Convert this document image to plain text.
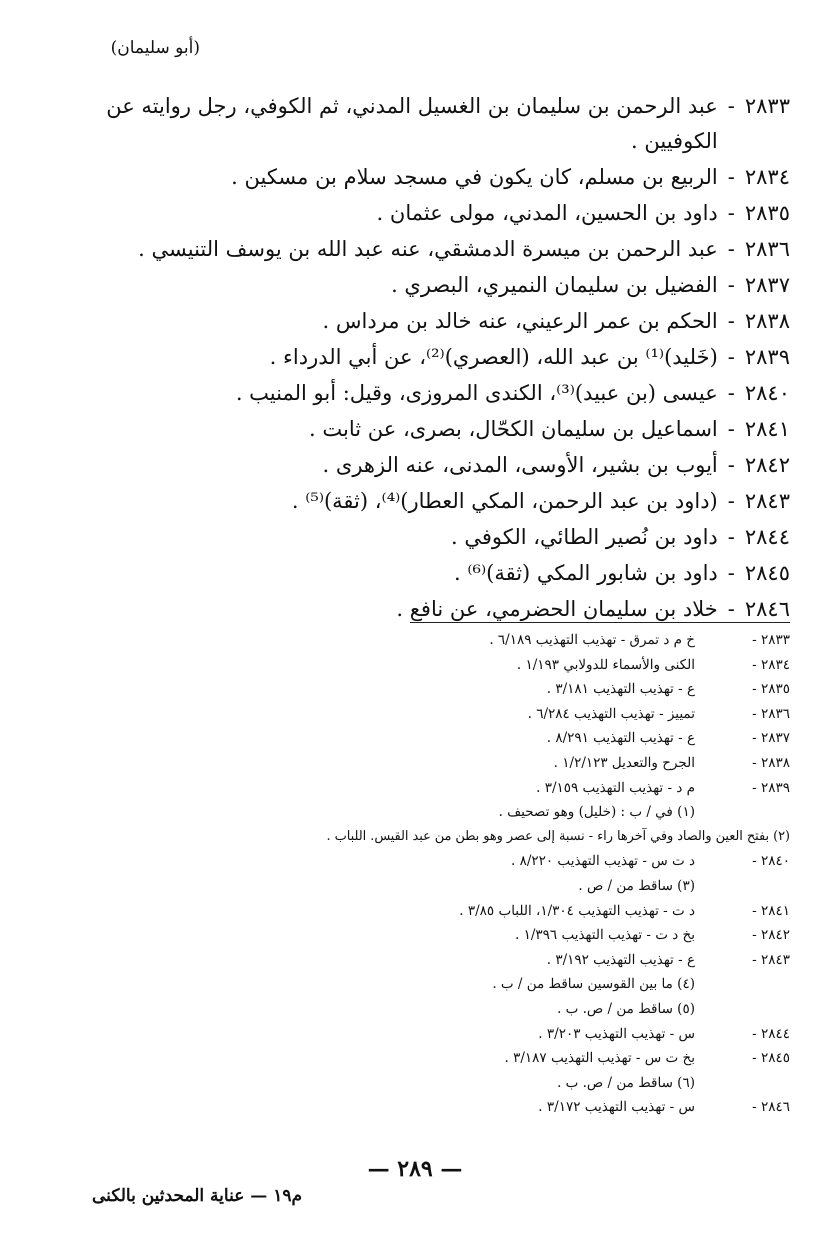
(أبو سليمان)
٢٨٣٣
-
عبد الرحمن بن سليمان بن الغسيل المدني، ثم الكوفي، رجل روايته عن الكوفيين .
٢٨٣٤
-
الربيع بن مسلم، كان يكون في مسجد سلام بن مسكين .
٢٨٣٥
-
داود بن الحسين، المدني، مولى عثمان .
٢٨٣٦
-
عبد الرحمن بن ميسرة الدمشقي، عنه عبد الله بن يوسف التنيسي .
٢٨٣٧
-
الفضيل بن سليمان النميري، البصري .
٢٨٣٨
-
الحكم بن عمر الرعيني، عنه خالد بن مرداس .
٢٨٣٩
-
(خَليد)⁽¹⁾ بن عبد الله، (العصري)⁽²⁾، عن أبي الدرداء .
٢٨٤٠
-
عيسى (بن عبيد)⁽³⁾، الكندى المروزى، وقيل: أبو المنيب .
٢٨٤١
-
اسماعيل بن سليمان الكحّال، بصرى، عن ثابت .
٢٨٤٢
-
أيوب بن بشير، الأوسى، المدنى، عنه الزهرى .
٢٨٤٣
-
(داود بن عبد الرحمن، المكي العطار)⁽⁴⁾، (ثقة)⁽⁵⁾ .
٢٨٤٤
-
داود بن نُصير الطائي، الكوفي .
٢٨٤٥
-
داود بن شابور المكي (ثقة)⁽⁶⁾ .
٢٨٤٦
-
خلاد بن سليمان الحضرمي، عن نافع .
٢٨٣٣ -
خ م د تمرق - تهذيب التهذيب ٦/١٨٩ .
٢٨٣٤ -
الكنى والأسماء للدولابي ١/١٩٣ .
٢٨٣٥ -
ع - تهذيب التهذيب ٣/١٨١ .
٢٨٣٦ -
تمييز - تهذيب التهذيب ٦/٢٨٤ .
٢٨٣٧ -
ع - تهذيب التهذيب ٨/٢٩١ .
٢٨٣٨ -
الجرح والتعديل ١/٢/١٢٣ .
٢٨٣٩ -
م د - تهذيب التهذيب ٣/١٥٩ .
(١) في / ب : (خليل) وهو تصحيف .
(٢) بفتح العين والصاد وفي آخرها راء - نسبة إلى عصر وهو بطن من عبد القيس. اللباب .
٢٨٤٠ -
د ت س - تهذيب التهذيب ٨/٢٢٠ .
(٣) ساقط من / ص .
٢٨٤١ -
د ت - تهذيب التهذيب ١/٣٠٤، اللباب ٣/٨٥ .
٢٨٤٢ -
بخ د ت - تهذيب التهذيب ١/٣٩٦ .
٢٨٤٣ -
ع - تهذيب التهذيب ٣/١٩٢ .
(٤) ما بين القوسين ساقط من / ب .
(٥) ساقط من / ص. ب .
٢٨٤٤ -
س - تهذيب التهذيب ٣/٢٠٣ .
٢٨٤٥ -
بخ ت س - تهذيب التهذيب ٣/١٨٧ .
(٦) ساقط من / ص. ب .
٢٨٤٦ -
س - تهذيب التهذيب ٣/١٧٢ .
— ٢٨٩ —
م١٩ — عناية المحدثين بالكنى
